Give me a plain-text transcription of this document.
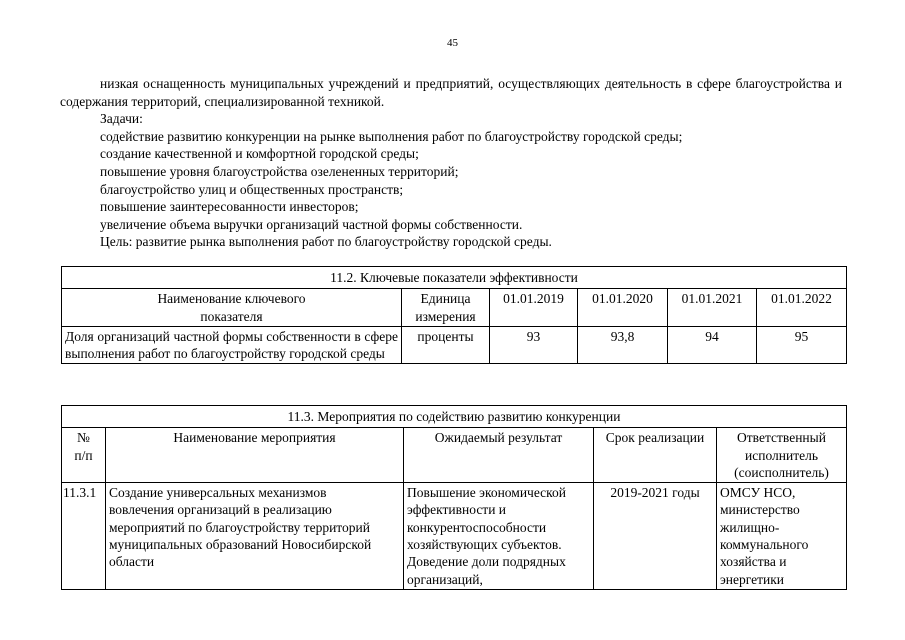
45

низкая оснащенность муниципальных учреждений и предприятий, осуществляющих деятельность в сфере благоустройства и содержания территорий, специализированной техникой.

Задачи:

содействие развитию конкуренции на рынке выполнения работ по благоустройству городской среды;

создание качественной и комфортной городской среды;

повышение уровня благоустройства озелененных территорий;

благоустройство улиц и общественных пространств;

повышение заинтересованности инвесторов;

увеличение объема выручки организаций частной формы собственности.

Цель: развитие рынка выполнения работ по благоустройству городской среды.

11.2. Ключевые показатели эффективности					
Наименование ключевого показателя	Единица измерения	01.01.2019	01.01.2020	01.01.2021	01.01.2022
Доля организаций частной формы собственности в сфере выполнения работ по благоустройству городской среды	проценты	93	93,8	94	95
11.3. Мероприятия по содействию развитию конкуренции				
№ п/п	Наименование мероприятия	Ожидаемый результат	Срок реализации	Ответственный исполнитель (соисполнитель)
11.3.1	Создание универсальных механизмов вовлечения организаций в реализацию мероприятий по благоустройству территорий муниципальных образований Новосибирской области	Повышение экономической эффективности и конкурентоспособности хозяйствующих субъектов. Доведение доли подрядных организаций,	2019-2021 годы	ОМСУ НСО, министерство жилищно-коммунального хозяйства и энергетики
